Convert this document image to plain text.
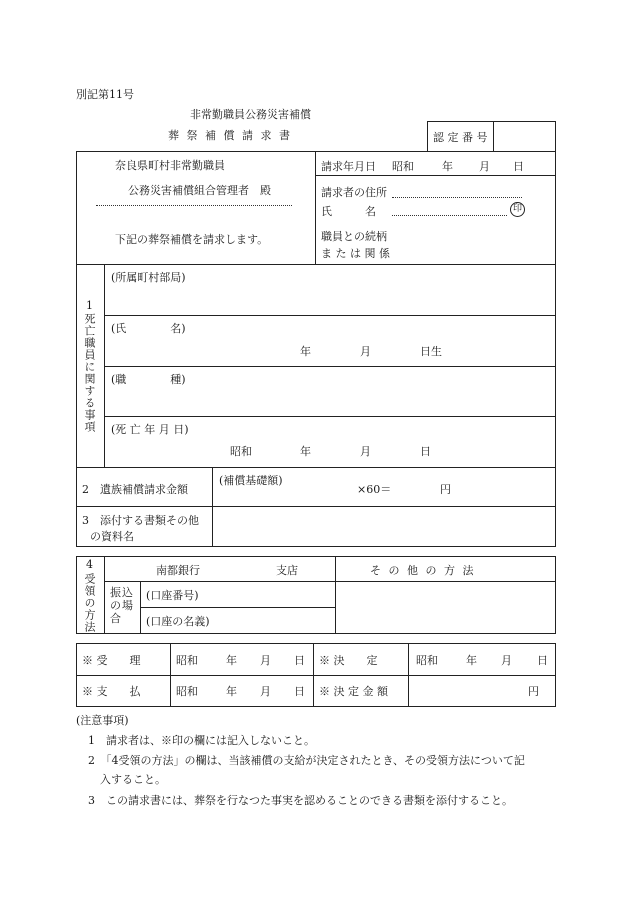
別記第11号
非常勤職員公務災害補償
葬 祭 補 償 請 求 書	認 定 番 号
奈良県町村非常勤職員
公務災害補償組合管理者　殿
下記の葬祭補償を請求します。
請求年月日 昭和	年 月 日
請求者の住所
氏　　　名	印
職員との続柄
ま た は 関 係
1
死亡職員に関する事項
(所属町村部局)
(氏　　　　名)
年	月	日生
(職　　　　種)
(死 亡 年 月 日)
昭和	年	月	日
2　遺族補償請求金額
(補償基礎額)
×60＝	円
3　添付する書類その他
の資料名
4
受領の方法
南都銀行	支店	そ の 他 の 方 法
振込の場合
(口座番号)
(口座の名義)
※ 受　　理	昭和	年 月 日 ※ 決　　定	昭和	年 月 日
※ 支　　払	昭和	年 月 日 ※ 決 定 金 額	円
(注意事項)
1　請求者は、※印の欄には記入しないこと。
2　「4受領の方法」の欄は、当該補償の支給が決定されたとき、その受領方法について記
入すること。
3　この請求書には、葬祭を行なつた事実を認めることのできる書類を添付すること。
